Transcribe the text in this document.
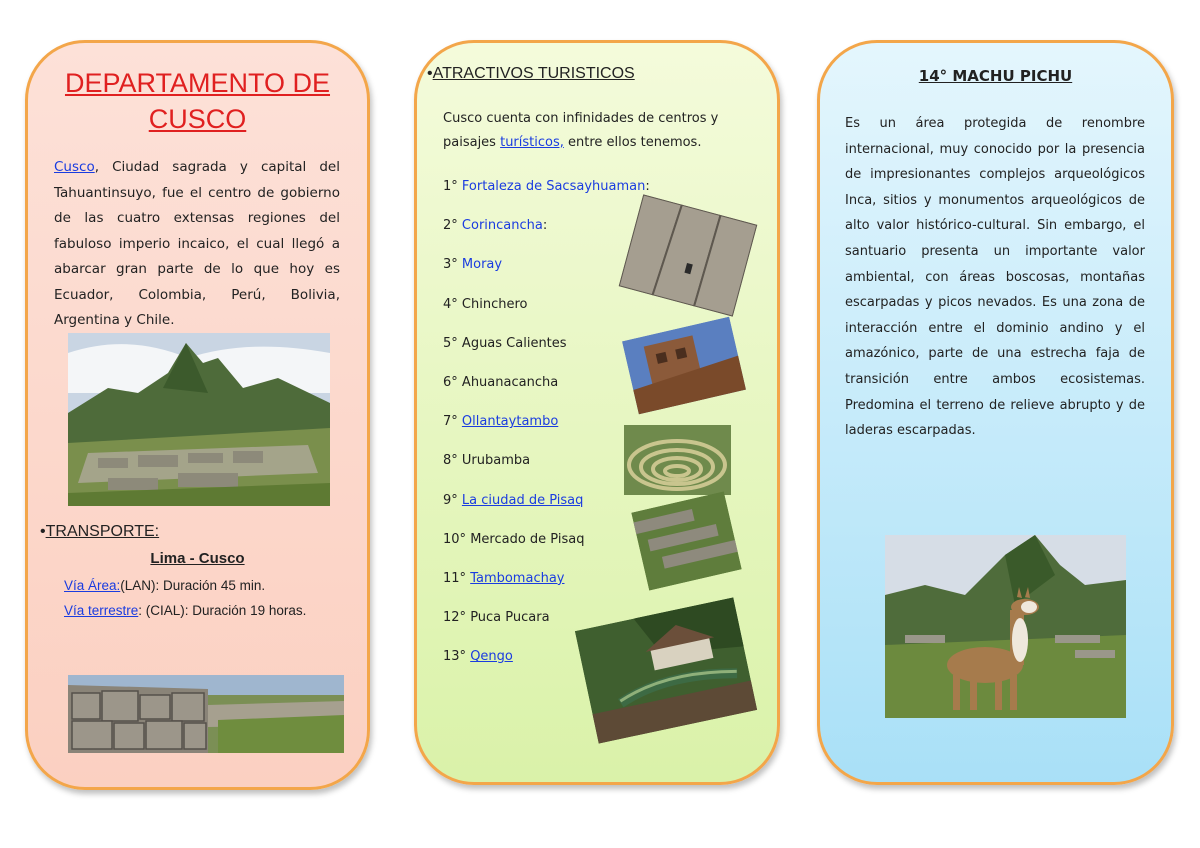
DEPARTAMENTO DE CUSCO
Cusco, Ciudad sagrada y capital del Tahuantinsuyo, fue el centro de gobierno de las cuatro extensas regiones del fabuloso imperio incaico, el cual llegó a abarcar gran parte de lo que hoy es Ecuador, Colombia, Perú, Bolivia, Argentina y Chile.
•TRANSPORTE:
Lima - Cusco
Vía Área:(LAN): Duración 45 min.
Vía terrestre: (CIAL): Duración 19 horas.
•ATRACTIVOS TURISTICOS
Cusco cuenta con infinidades de centros y paisajes turísticos, entre ellos tenemos.
1° Fortaleza de Sacsayhuaman:
2° Corincancha:
3° Moray
4° Chinchero
5° Aguas Calientes
6° Ahuanacancha
7° Ollantaytambo
8° Urubamba
9° La ciudad de Pisaq
10° Mercado de Pisaq
11° Tambomachay
12° Puca Pucara
13° Qengo
14° MACHU PICHU
Es un área protegida de renombre internacional, muy conocido por la presencia de impresionantes complejos arqueológicos Inca, sitios y monumentos arqueológicos de alto valor histórico-cultural. Sin embargo, el santuario presenta un importante valor ambiental, con áreas boscosas, montañas escarpadas y picos nevados. Es una zona de interacción entre el dominio andino y el amazónico, parte de una estrecha faja de transición entre ambos ecosistemas. Predomina el terreno de relieve abrupto y de laderas escarpadas.
